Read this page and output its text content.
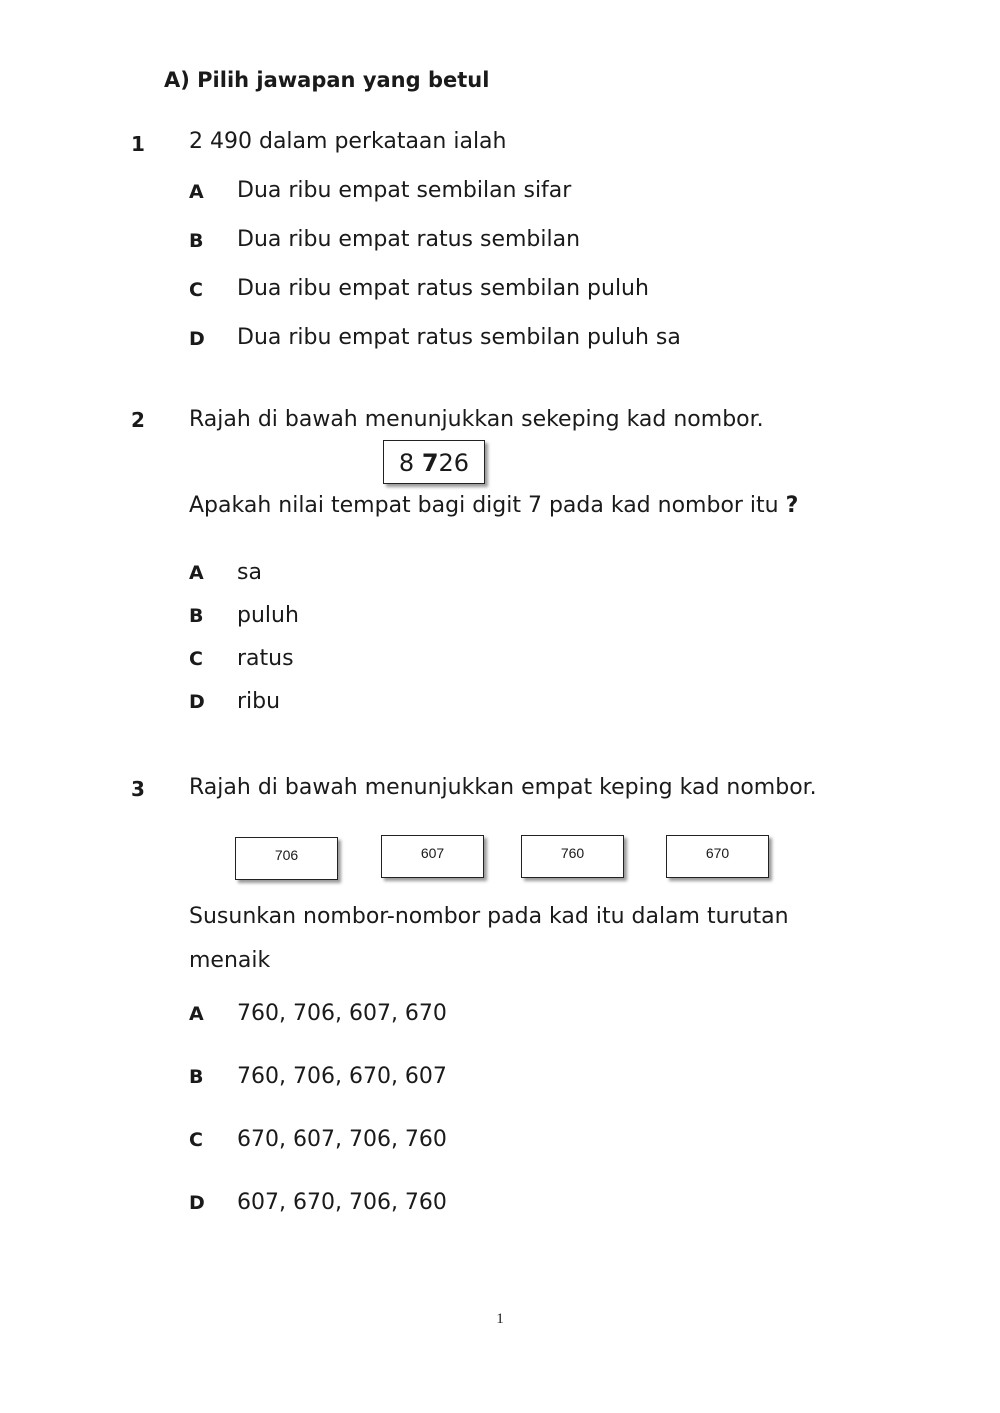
A) Pilih jawapan yang betul
1 2 490 dalam perkataan ialah
A Dua ribu empat sembilan sifar
B Dua ribu empat ratus sembilan
C Dua ribu empat ratus sembilan puluh
D Dua ribu empat ratus sembilan puluh sa
2 Rajah di bawah menunjukkan sekeping kad nombor.
8 726
Apakah nilai tempat bagi digit 7 pada kad nombor itu ?
A sa
B puluh
C ratus
D ribu
3 Rajah di bawah menunjukkan empat keping kad nombor.
706	607	760	670
Susunkan nombor-nombor pada kad itu dalam turutan
menaik
A 760, 706, 607, 670
B 760, 706, 670, 607
C 670, 607, 706, 760
D 607, 670, 706, 760
1
